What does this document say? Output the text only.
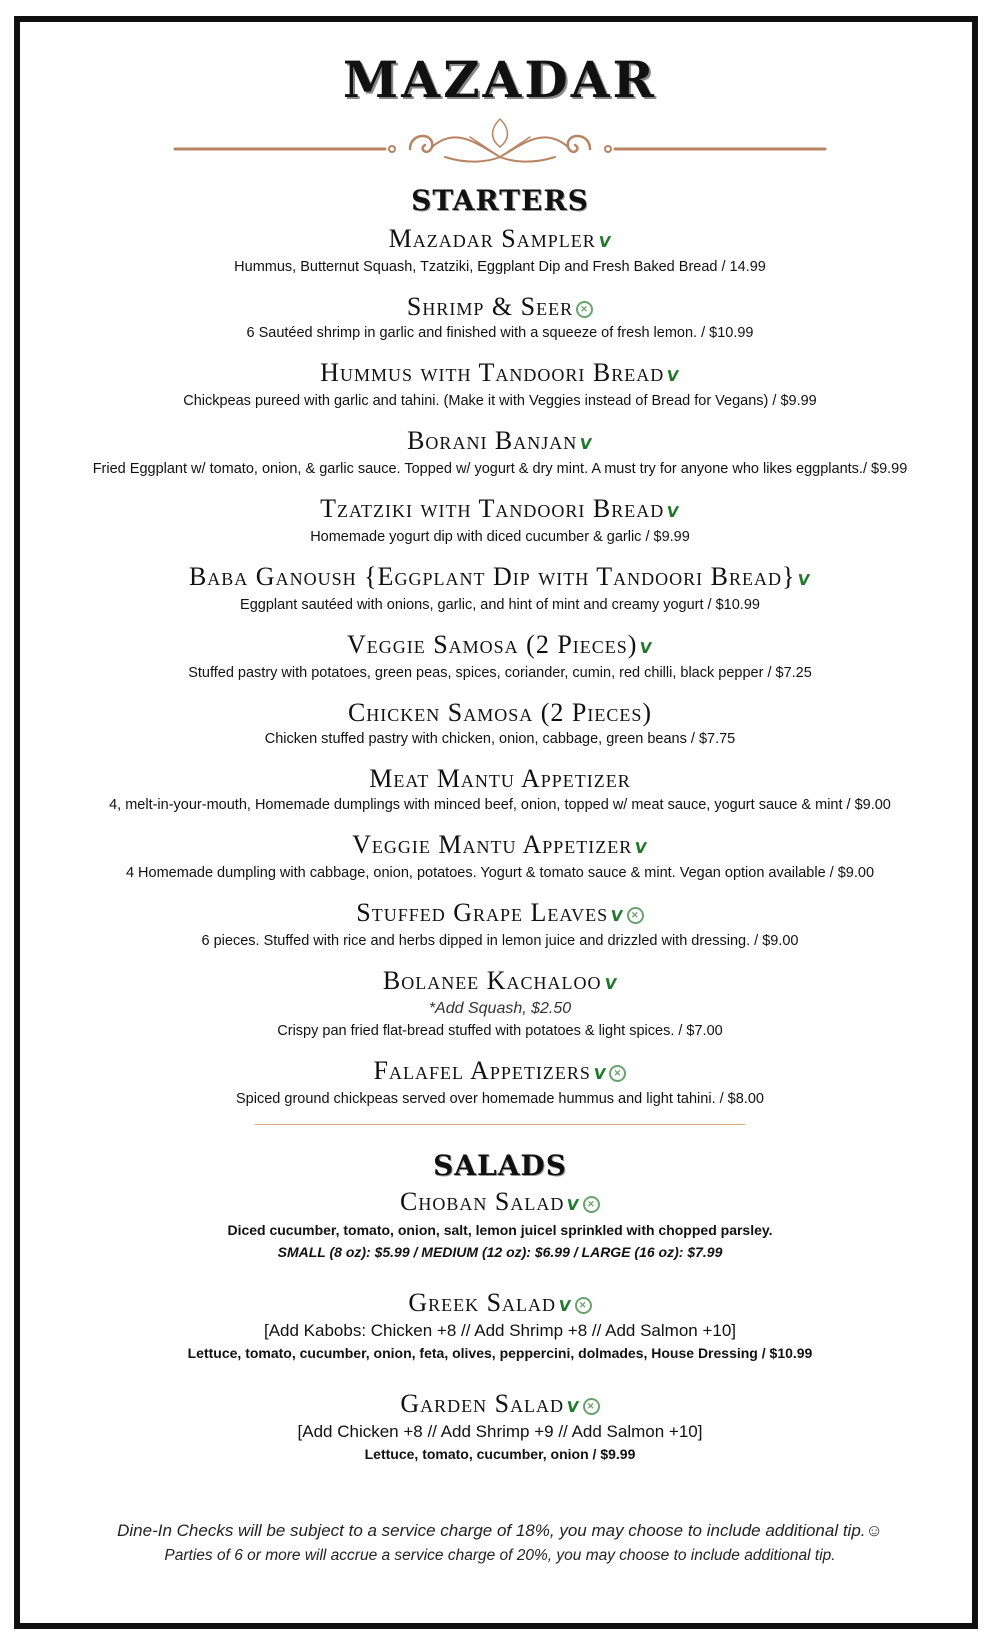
MAZADAR
STARTERS
Mazadar Samplerv
Hummus, Butternut Squash, Tzatziki, Eggplant Dip and Fresh Baked Bread / 14.99
Shrimp & Seer ✕
6 Sautéed shrimp in garlic and finished with a squeeze of fresh lemon. / $10.99
Hummus with Tandoori Breadv
Chickpeas pureed with garlic and tahini. (Make it with Veggies instead of Bread for Vegans) / $9.99
Borani Banjanv
Fried Eggplant w/ tomato, onion, & garlic sauce. Topped w/ yogurt & dry mint. A must try for anyone who likes eggplants./ $9.99
Tzatziki with Tandoori Breadv
Homemade yogurt dip with diced cucumber & garlic / $9.99
Baba Ganoush {Eggplant Dip with Tandoori Bread}v
Eggplant sautéed with onions, garlic, and hint of mint and creamy yogurt / $10.99
Veggie Samosa (2 Pieces)v
Stuffed pastry with potatoes, green peas, spices, coriander, cumin, red chilli, black pepper / $7.25
Chicken Samosa (2 Pieces)
Chicken stuffed pastry with chicken, onion, cabbage, green beans / $7.75
Meat Mantu Appetizer
4, melt-in-your-mouth, Homemade dumplings with minced beef, onion, topped w/ meat sauce, yogurt sauce & mint / $9.00
Veggie Mantu Appetizerv
4 Homemade dumpling with cabbage, onion, potatoes. Yogurt & tomato sauce & mint. Vegan option available / $9.00
Stuffed Grape Leavesv ✕
6 pieces. Stuffed with rice and herbs dipped in lemon juice and drizzled with dressing. / $9.00
Bolanee Kachaloov
*Add Squash, $2.50
Crispy pan fried flat-bread stuffed with potatoes & light spices. / $7.00
Falafel Appetizersv ✕
Spiced ground chickpeas served over homemade hummus and light tahini. / $8.00
SALADS
Choban Saladv ✕
Diced cucumber, tomato, onion, salt, lemon juicel sprinkled with chopped parsley.
SMALL (8 oz): $5.99 / MEDIUM (12 oz): $6.99 / LARGE (16 oz): $7.99
Greek Saladv ✕
[Add Kabobs: Chicken +8 // Add Shrimp +8 // Add Salmon +10]
Lettuce, tomato, cucumber, onion, feta, olives, peppercini, dolmades, House Dressing / $10.99
Garden Saladv ✕
[Add Chicken +8 // Add Shrimp +9 // Add Salmon +10]
Lettuce, tomato, cucumber, onion / $9.99
Dine-In Checks will be subject to a service charge of 18%, you may choose to include additional tip.☺
Parties of 6 or more will accrue a service charge of 20%, you may choose to include additional tip.
